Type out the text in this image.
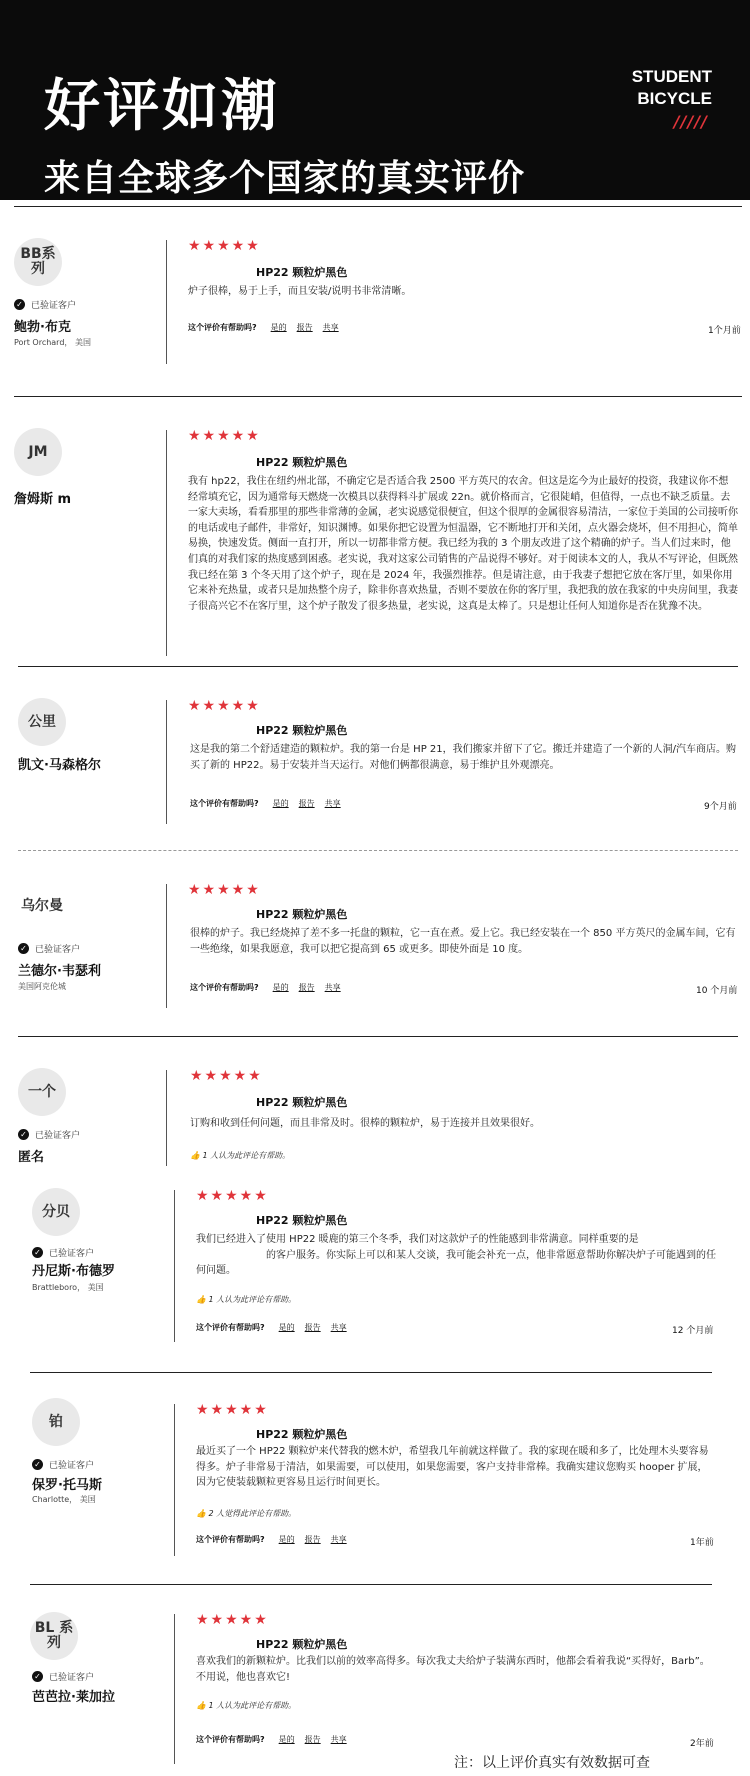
好评如潮
来自全球多个国家的真实评价
STUDENT
BICYCLE
/////
BB系列
✓ 已验证客户
鲍勃·布克
Port Orchard， 美国
★★★★★
HP22 颗粒炉黑色
炉子很棒，易于上手，而且安装/说明书非常清晰。
这个评价有帮助吗? 是的 报告 共享	1个月前
JM
詹姆斯 m
★★★★★
HP22 颗粒炉黑色
我有 hp22，我住在纽约州北部，不确定它是否适合我 2500 平方英尺的农舍。但这是迄今为止最好的投资，我建议你不想经常填充它，因为通常每天燃烧一次模具以获得料斗扩展或 22n。就价格而言，它很陡峭，但值得，一点也不缺乏质量。去一家大卖场，看看那里的那些非常薄的金属，老实说感觉很便宜，但这个很厚的金属很容易清洁，一家位于美国的公司接听你的电话或电子邮件，非常好，知识渊博。如果你把它设置为恒温器，它不断地打开和关闭，点火器会烧坏，但不用担心，简单易换，快速发货。侧面一直打开，所以一切都非常方便。我已经为我的 3 个朋友改进了这个精确的炉子。当人们过来时，他们真的对我们家的热度感到困惑。老实说，我对这家公司销售的产品说得不够好。对于阅读本文的人，我从不写评论，但既然我已经在第 3 个冬天用了这个炉子，现在是 2024 年，我强烈推荐。但是请注意，由于我妻子想把它放在客厅里，如果你用它来补充热量，或者只是加热整个房子，除非你喜欢热量，否则不要放在你的客厅里，我把我的放在我家的中央房间里，我妻子很高兴它不在客厅里，这个炉子散发了很多热量，老实说，这真是太棒了。只是想让任何人知道你是否在犹豫不决。
公里
凯文·马森格尔
★★★★★
HP22 颗粒炉黑色
这是我的第二个舒适建造的颗粒炉。我的第一台是 HP 21，我们搬家并留下了它。搬迁并建造了一个新的人洞/汽车商店。购买了新的 HP22。易于安装并当天运行。对他们俩都很满意，易于维护且外观漂亮。
这个评价有帮助吗? 是的 报告 共享	9个月前
乌尔曼
✓ 已验证客户
兰德尔·韦瑟利
美国阿克伦城
★★★★★
HP22 颗粒炉黑色
很棒的炉子。我已经烧掉了差不多一托盘的颗粒，它一直在煮。爱上它。我已经安装在一个 850 平方英尺的金属车间，它有一些绝缘，如果我愿意，我可以把它提高到 65 或更多。即使外面是 10 度。
这个评价有帮助吗? 是的 报告 共享	10 个月前
一个
✓ 已验证客户
匿名
★★★★★
HP22 颗粒炉黑色
订购和收到任何问题，而且非常及时。很棒的颗粒炉，易于连接并且效果很好。
👍 1 人认为此评论有帮助。
分贝
✓ 已验证客户
丹尼斯·布德罗
Brattleboro， 美国
★★★★★
HP22 颗粒炉黑色
我们已经进入了使用 HP22 暖鹿的第三个冬季，我们对这款炉子的性能感到非常满意。同样重要的是 　　　　　　　的客户服务。你实际上可以和某人交谈，我可能会补充一点，他非常愿意帮助你解决炉子可能遇到的任何问题。
👍 1 人认为此评论有帮助。
这个评价有帮助吗? 是的 报告 共享	12 个月前
铂
✓ 已验证客户
保罗·托马斯
Charlotte， 美国
★★★★★
HP22 颗粒炉黑色
最近买了一个 HP22 颗粒炉来代替我的燃木炉，希望我几年前就这样做了。我的家现在暖和多了，比处理木头要容易得多。炉子非常易于清洁，如果需要，可以使用，如果您需要，客户支持非常棒。我确实建议您购买 hooper 扩展，因为它使装载颗粒更容易且运行时间更长。
👍 2 人觉得此评论有帮助。
这个评价有帮助吗? 是的 报告 共享	1年前
BL 系列
✓ 已验证客户
芭芭拉·莱加拉
★★★★★
HP22 颗粒炉黑色
喜欢我们的新颗粒炉。比我们以前的效率高得多。每次我丈夫给炉子装满东西时，他都会看着我说“买得好，Barb”。不用说，他也喜欢它!
👍 1 人认为此评论有帮助。
这个评价有帮助吗? 是的 报告 共享	2年前
注：以上评价真实有效数据可查
